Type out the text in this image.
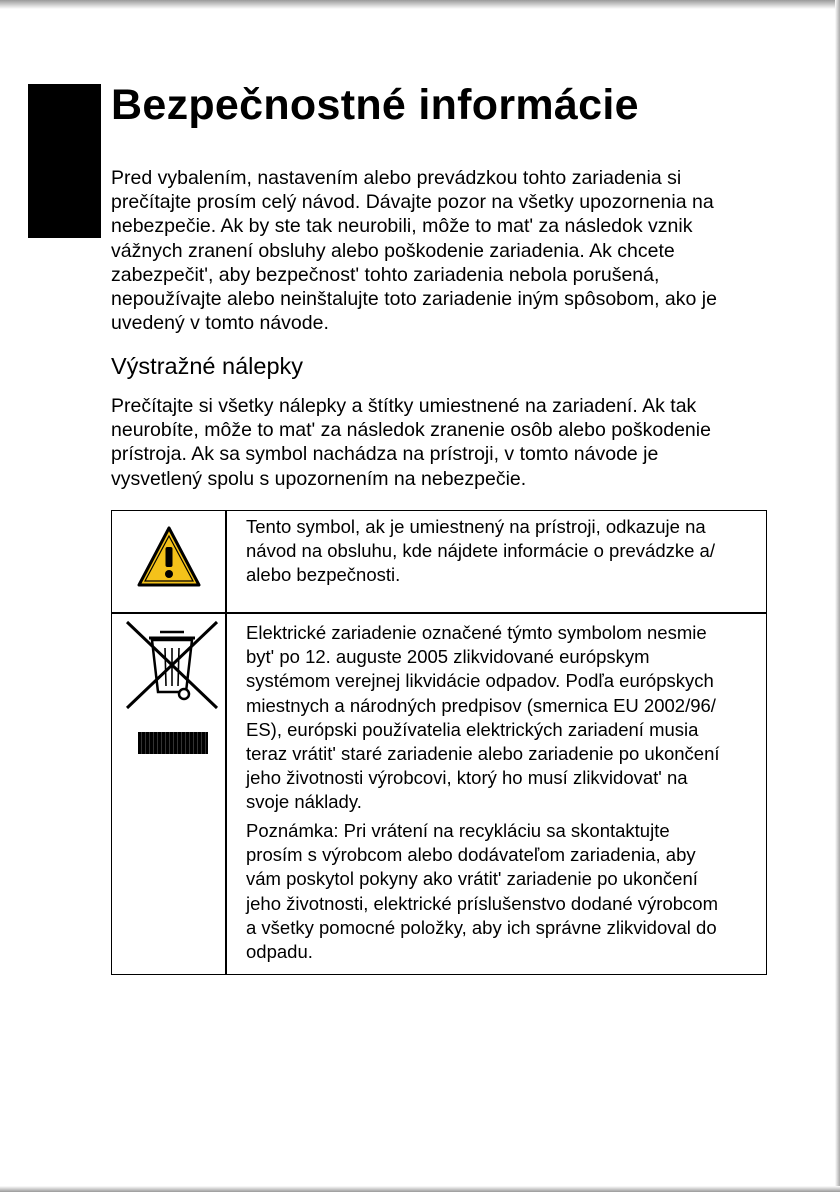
Bezpečnostné informácie
Pred vybalením, nastavením alebo prevádzkou tohto zariadenia si
prečítajte prosím celý návod. Dávajte pozor na všetky upozornenia na
nebezpečie. Ak by ste tak neurobili, môže to mat' za následok vznik
vážnych zranení obsluhy alebo poškodenie zariadenia. Ak chcete
zabezpečit', aby bezpečnost' tohto zariadenia nebola porušená,
nepoužívajte alebo neinštalujte toto zariadenie iným spôsobom, ako je
uvedený v tomto návode.
Výstražné nálepky
Prečítajte si všetky nálepky a štítky umiestnené na zariadení. Ak tak
neurobíte, môže to mat' za následok zranenie osôb alebo poškodenie
prístroja. Ak sa symbol nachádza na prístroji, v tomto návode je
vysvetlený spolu s upozornením na nebezpečie.
Tento symbol, ak je umiestnený na prístroji, odkazuje na
návod na obsluhu, kde nájdete informácie o prevádzke a/
alebo bezpečnosti.
Elektrické zariadenie označené týmto symbolom nesmie
byt' po 12. auguste 2005 zlikvidované európskym
systémom verejnej likvidácie odpadov. Podľa európskych
miestnych a národných predpisov (smernica EU 2002/96/
ES), európski používatelia elektrických zariadení musia
teraz vrátit' staré zariadenie alebo zariadenie po ukončení
jeho životnosti výrobcovi, ktorý ho musí zlikvidovat' na
svoje náklady.
Poznámka: Pri vrátení na recykláciu sa skontaktujte
prosím s výrobcom alebo dodávateľom zariadenia, aby
vám poskytol pokyny ako vrátit' zariadenie po ukončení
jeho životnosti, elektrické príslušenstvo dodané výrobcom
a všetky pomocné položky, aby ich správne zlikvidoval do
odpadu.
